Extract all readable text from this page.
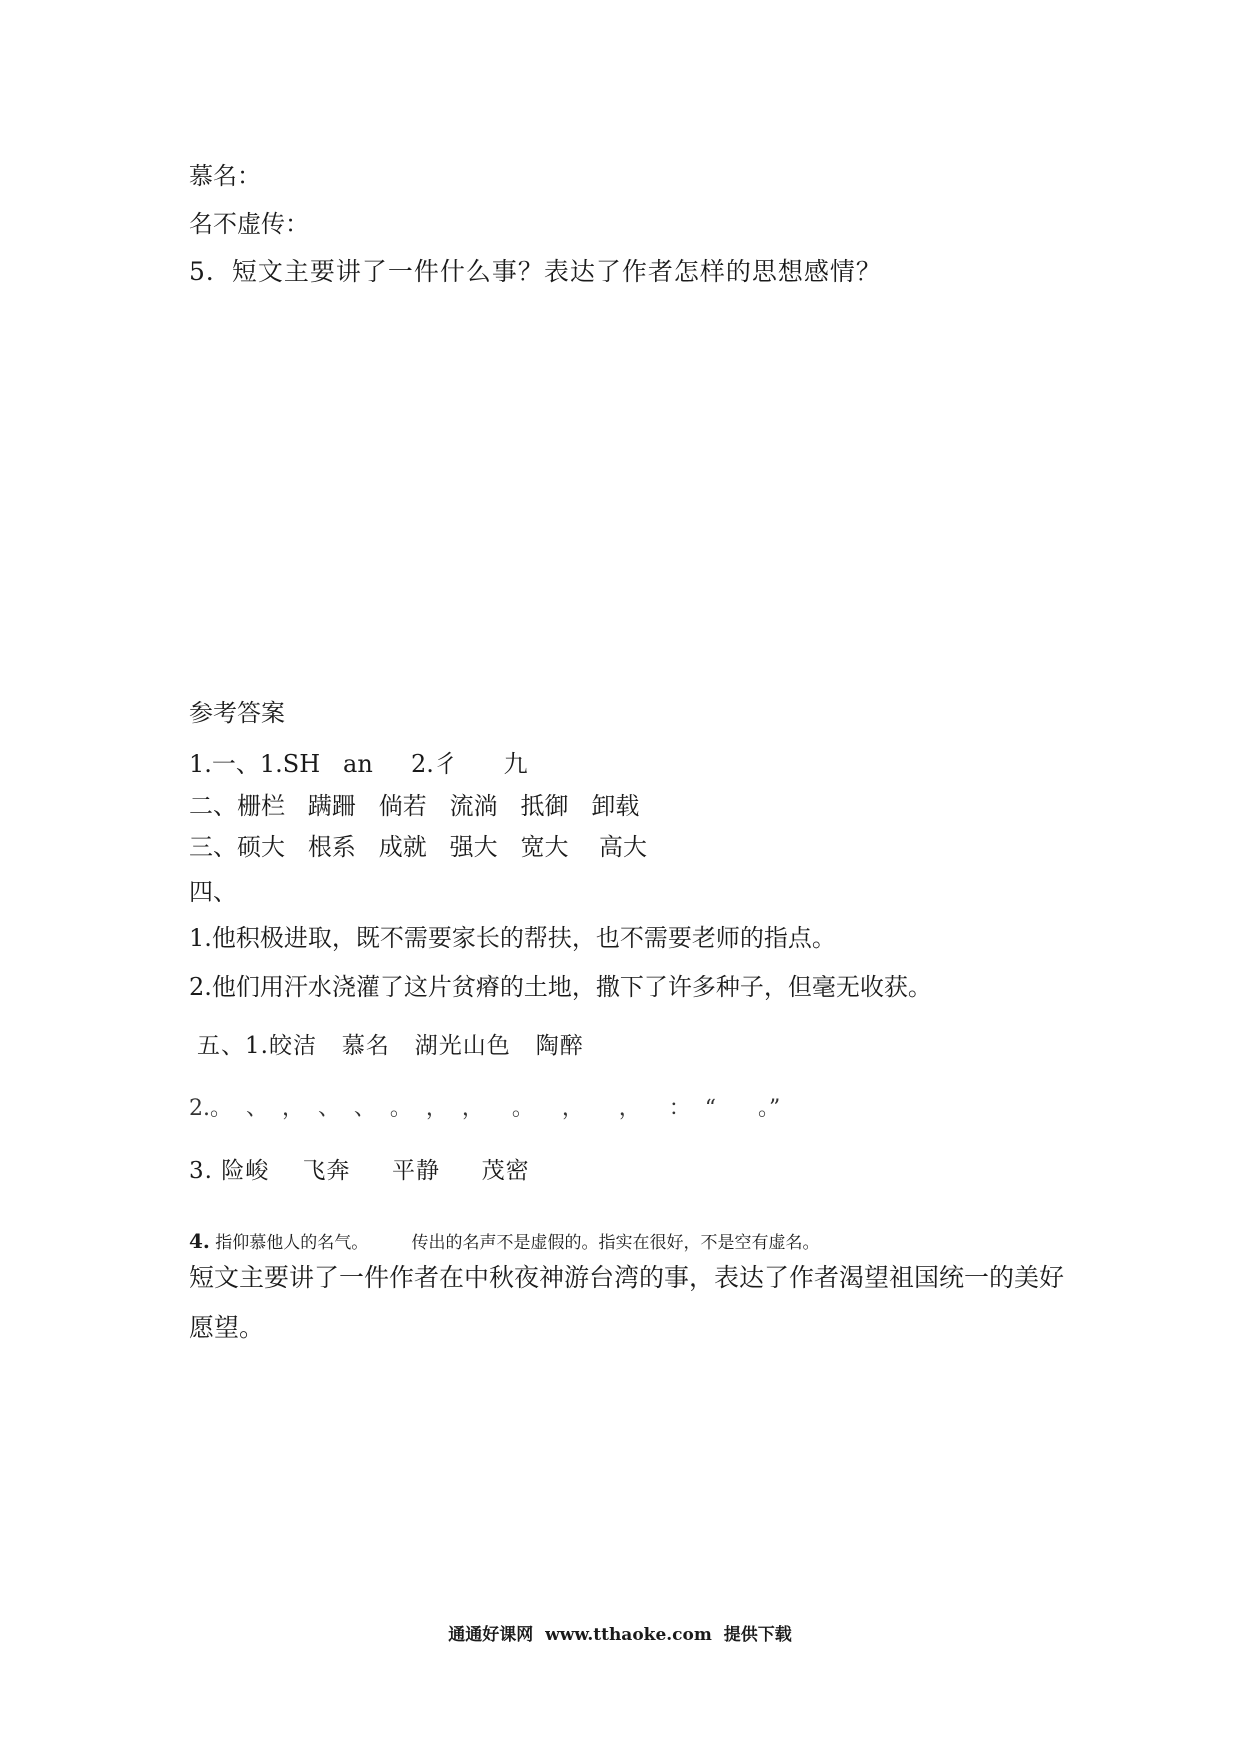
慕名：
名不虚传：
5．短文主要讲了一件什么事？表达了作者怎样的思想感情？
参考答案
1.一、1.SH   an     2.彳      九
二、栅栏   蹒跚   倘若   流淌   抵御   卸载
三、硕大   根系   成就   强大   宽大    高大
四、
1.他积极进取，既不需要家长的帮扶，也不需要老师的指点。
2.他们用汗水浇灌了这片贫瘠的土地，撒下了许多种子，但毫无收获。
五、1.皎洁   慕名   湖光山色   陶醉
2.。  、  ，  、  、  。  ，  ，    。    ，     ，    ：  “      。”
3. 险峻    飞奔     平静     茂密
4. 指仰慕他人的名气。        传出的名声不是虚假的。指实在很好，不是空有虚名。
短文主要讲了一件作者在中秋夜神游台湾的事，表达了作者渴望祖国统一的美好
愿望。
通通好课网  www.tthaoke.com  提供下载
